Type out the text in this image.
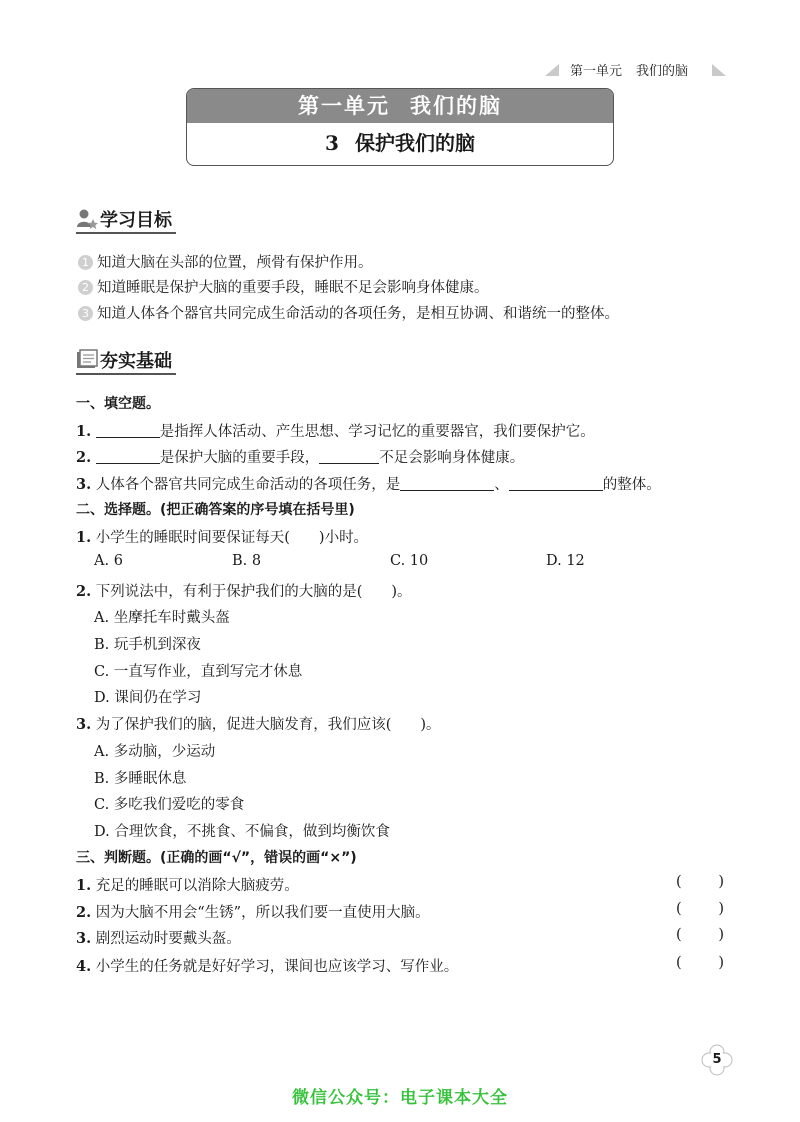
第一单元 我们的脑
第一单元 我们的脑
3 保护我们的脑
学习目标
1 知道大脑在头部的位置，颅骨有保护作用。
2 知道睡眠是保护大脑的重要手段，睡眠不足会影响身体健康。
3 知道人体各个器官共同完成生命活动的各项任务，是相互协调、和谐统一的整体。
夯实基础
一、填空题。
1.	是指挥人体活动、产生思想、学习记忆的重要器官，我们要保护它。
2.	是保护大脑的重要手段，	不足会影响身体健康。
3. 人体各个器官共同完成生命活动的各项任务，是	、	的整体。
二、选择题。(把正确答案的序号填在括号里)
1. 小学生的睡眠时间要保证每天(　　)小时。
A. 6	B. 8	C. 10	D. 12
2. 下列说法中，有利于保护我们的大脑的是(　　)。
A. 坐摩托车时戴头盔
B. 玩手机到深夜
C. 一直写作业，直到写完才休息
D. 课间仍在学习
3. 为了保护我们的脑，促进大脑发育，我们应该(　　)。
A. 多动脑，少运动
B. 多睡眠休息
C. 多吃我们爱吃的零食
D. 合理饮食，不挑食、不偏食，做到均衡饮食
三、判断题。(正确的画“√”，错误的画“×”)
1. 充足的睡眠可以消除大脑疲劳。	(	)
2. 因为大脑不用会“生锈”，所以我们要一直使用大脑。	(	)
3. 剧烈运动时要戴头盔。	(	)
4. 小学生的任务就是好好学习，课间也应该学习、写作业。	(	)
5
微信公众号：电子课本大全
